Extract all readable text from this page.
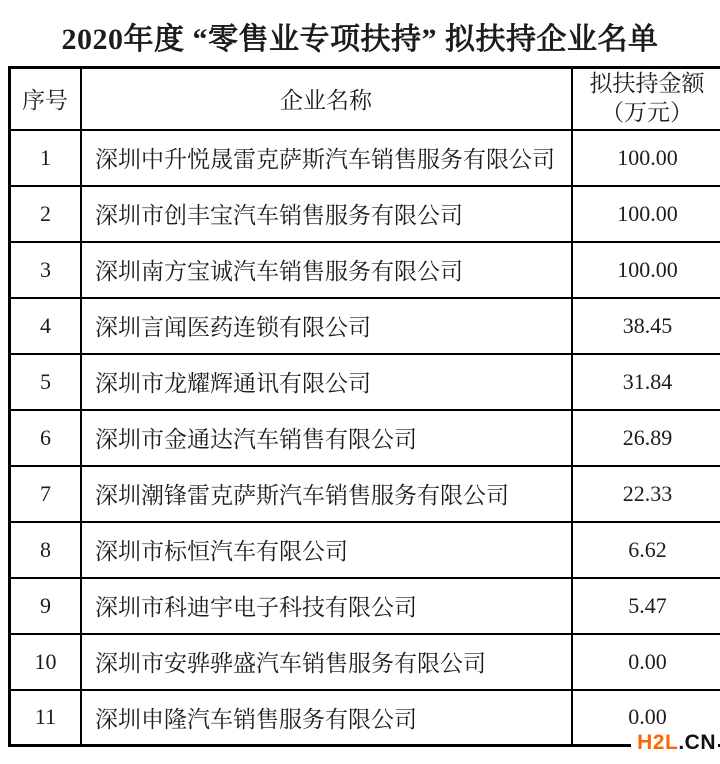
2020年度 “零售业专项扶持” 拟扶持企业名单
序号	企业名称	拟扶持金额
（万元）

1	深圳中升悦晟雷克萨斯汽车销售服务有限公司	100.00
2	深圳市创丰宝汽车销售服务有限公司	100.00
3	深圳南方宝诚汽车销售服务有限公司	100.00
4	深圳言闻医药连锁有限公司	38.45
5	深圳市龙耀辉通讯有限公司	31.84
6	深圳市金通达汽车销售有限公司	26.89
7	深圳潮锋雷克萨斯汽车销售服务有限公司	22.33
8	深圳市标恒汽车有限公司	6.62
9	深圳市科迪宇电子科技有限公司	5.47
10	深圳市安骅骅盛汽车销售服务有限公司	0.00
11	深圳申隆汽车销售服务有限公司	0.00
H2L.CN
